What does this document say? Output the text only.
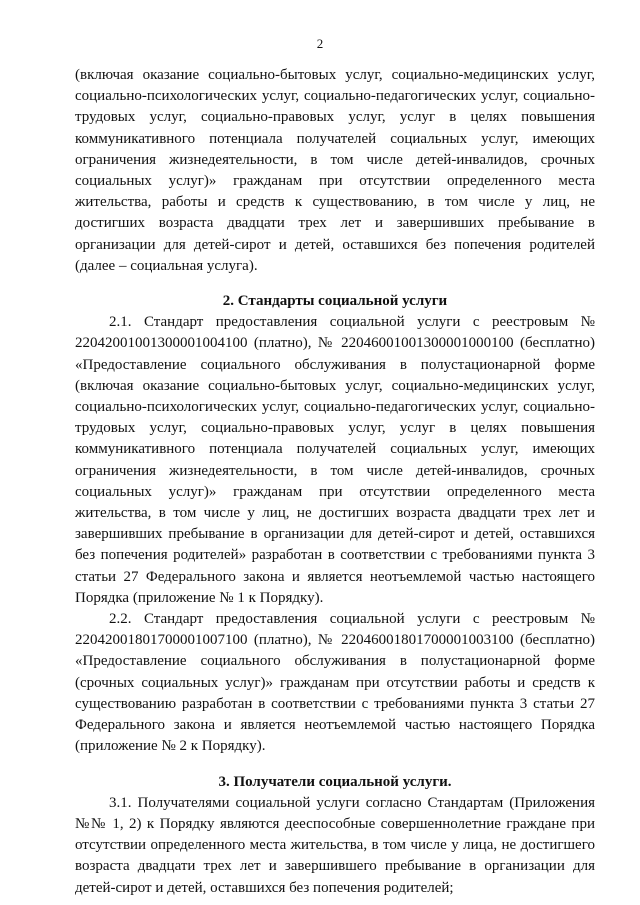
2

(включая оказание социально-бытовых услуг, социально-медицинских услуг, социально-психологических услуг, социально-педагогических услуг, социально-трудовых услуг, социально-правовых услуг, услуг в целях повышения коммуникативного потенциала получателей социальных услуг, имеющих ограничения жизнедеятельности, в том числе детей-инвалидов, срочных социальных услуг)» гражданам при отсутствии определенного места жительства, работы и средств к существованию, в том числе у лиц, не достигших возраста двадцати трех лет и завершивших пребывание в организации для детей-сирот и детей, оставшихся без попечения родителей (далее – социальная услуга).

2. Стандарты социальной услуги

2.1. Стандарт предоставления социальной услуги с реестровым № 22042001001300001004100 (платно), № 22046001001300001000100 (бесплатно) «Предоставление социального обслуживания в полустационарной форме (включая оказание социально-бытовых услуг, социально-медицинских услуг, социально-психологических услуг, социально-педагогических услуг, социально-трудовых услуг, социально-правовых услуг, услуг в целях повышения коммуникативного потенциала получателей социальных услуг, имеющих ограничения жизнедеятельности, в том числе детей-инвалидов, срочных социальных услуг)» гражданам при отсутствии определенного места жительства, в том числе у лиц, не достигших возраста двадцати трех лет и завершивших пребывание в организации для детей-сирот и детей, оставшихся без попечения родителей» разработан в соответствии с требованиями пункта 3 статьи 27 Федерального закона и является неотъемлемой частью настоящего Порядка (приложение № 1 к Порядку).

2.2. Стандарт предоставления социальной услуги с реестровым № 22042001801700001007100 (платно), № 22046001801700001003100 (бесплатно) «Предоставление социального обслуживания в полустационарной форме (срочных социальных услуг)» гражданам при отсутствии работы и средств к существованию разработан в соответствии с требованиями пункта 3 статьи 27 Федерального закона и является неотъемлемой частью настоящего Порядка (приложение № 2 к Порядку).

3. Получатели социальной услуги.

3.1. Получателями социальной услуги согласно Стандартам (Приложения №№ 1, 2) к Порядку являются дееспособные совершеннолетние граждане при отсутствии определенного места жительства, в том числе у лица, не достигшего возраста двадцати трех лет и завершившего пребывание в организации для детей-сирот и детей, оставшихся без попечения родителей;
